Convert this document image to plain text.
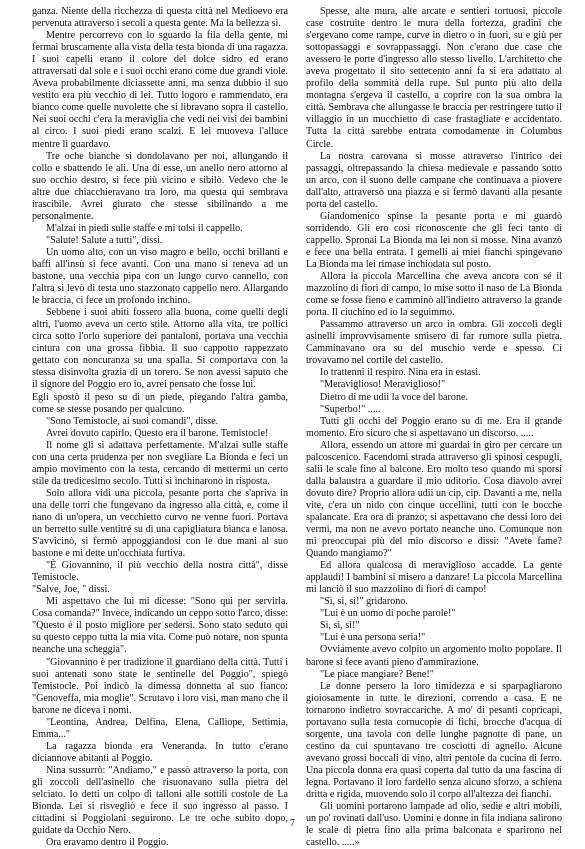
ganza. Niente della ricchezza di questa città nel Medioevo era pervenuta attraverso i secoli a questa gente. Ma la bellezza sì.

Mentre percorrevo con lo sguardo la fila della gente, mi fermai bruscamente alla vista della testa bionda di una ragazza. I suoi capelli erano il colore del dolce sidro ed erano attraversati dal sole e i suoi occhi erano come due grandi viole. Aveva probabilmente diciassette anni, ma senza dubbio il suo vestito era più vecchio di lei. Tutto logoro e rammendato, era bianco come quelle nuvolette che si libravano sopra il castello. Nei suoi occhi c'era la meraviglia che vedi nei visi dei bambini al circo. I suoi piedi erano scalzi. E lei muoveva l'alluce mentre li guardavo.

Tre oche bianche si dondolavano per noi, allungando il collo e sbattendo le ali. Una di esse, un anello nero attorno al suo occhio destro, si fece più vicino e sibilò. Vedevo che le altre due chiacchieravano tra loro, ma questa qui sembrava irascibile. Avrei giurato che stesse sibilinando a me personalmente.

M'alzai in piedi sulle staffe e mi tolsi il cappello.

"Salute! Salute a tutti", dissi.

Un uomo alto, con un viso magro e bello, occhi brillanti e baffi all'insù si fece avanti. Con una mano si teneva ad un bastone, una vecchia pipa con un lungo curvo cannello, con l'altra si levò di testa uno stazzonato cappello nero. Allargando le braccia, ci fece un profondo inchino.

Sebbene i suoi abiti fossero alla buona, come quelli degli altri, l'uomo aveva un certo stile. Attorno alla vita, tre pollici circa sotto l'orlo superiore dei pantaloni, portava una vecchia cintura con una grossa fibbia. Il suo cappotto rappezzato gettato con noncuranza su una spalla. Si comportava con la stessa disinvolta grazia di un torero. Se non avessi saputo che il signore del Poggio ero io, avrei pensato che fosse lui.

Egli spostò il peso su di un piede, piegando l'altra gamba, come se stesse posando per qualcuno.

"Sono Temistocle, ai suoi comandi", disse.

Avrei dovuto capirlo. Questo era il barone. Temistocle!

Il nome gli si adattava perfettamente. M'alzai sulle staffe con una certa prudenza per non svegliare La Bionda e feci un ampio movimento con la testa, cercando di mettermi un certo stile da tredicesimo secolo. Tutti si inchinarono in risposta.

Solo allora vidi una piccola, pesante porta che s'apriva in una delle torri che fungevano da ingresso alla città, e, come il nano di un'opera, un vecchietto curvo ne venne fuori. Portava un berretto sulle ventitré su di una capigliatura bianca e lanosa. S'avvicinò, si fermò appoggiandosi con le due mani al suo bastone e mi dette un'occhiata furtiva.

"È Giovannino, il più vecchio della nostra città", disse Temistocle.

"Salve, Joe, " dissi.

Mi aspettavo che lui mi dicesse: "Sono qui per servirla. Cosa comanda?" Invece, indicando un ceppo sotto l'arco, disse: "Questo è il posto migliore per sedersi. Sono stato seduto qui su questo ceppo tutta la mia vita. Come può notare, non spunta neanche una scheggia".

"Giovannino è per tradizione il guardiano della città. Tutti i suoi antenati sono state le sentinelle del Poggio", spiegò Temistocle. Poi indicò la dimessa donnetta al suo fianco: "Genoveffa, mia moglie". Scrutavo i loro visi, man mano che il barone ne diceva i nomi.

"Leontina, Andrea, Delfina, Elena, Calliope, Settimia, Emma..."

La ragazza bionda era Veneranda. In tutto c'erano diciannove abitanti al Poggio.

Nina sussurrò: "Andiamo," e passò attraverso la porta, con gli zoccoli dell'asinello che risuonavano sulla pietra del selciato. Io detti un colpo di talloni alle sottili costole de La Bionda. Lei si risvegliò e fece il suo ingresso al passo. I cittadini si Poggiolani seguirono. Le tre oche subito dopo, guidate da Occhio Nero.

Ora eravamo dentro il Poggio.

Spesse, alte mura, alte arcate e sentieri tortuosi, piccole case costruite dentro le mura della fortezza, gradini che s'ergevano come rampe, curve in dietro o in fuori, su e giù per sottopassaggi e sovrappassaggi. Non c'erano due case che avessero le porte d'ingresso allo stesso livello. L'architetto che aveva progettato il sito settecento anni fa si era adattato al profilo della sommità della rupe. Sul punto più alto della montagna s'ergeva il castello, a coprire con la sua ombra la città. Sembrava che allungasse le braccia per restringere tutto il villaggio in un mucchietto di case frastagliate e accidentato. Tutta la città sarebbe entrata comodamente in Columbus Circle.

La nostra carovana si mosse attraverso l'intrico dei passaggi, oltrepassando la chiesa medievale e passando sotto un arco, con il suono delle campane che continuava a piovere dall'alto, attraversò una piazza e si fermò davanti alla pesante porta del castello.

Giandomenico spinse la pesante porta e mi guardò sorridendo. Gli ero così riconoscente che gli feci tanto di cappello. Spronai La Bionda ma lei non si mosse. Nina avanzò e fece una bella entrata. I gemelli ai miei fianchi spingevano La Bionda ma lei rimase inchiodata sul posto.

Allora la piccola Marcellina che aveva ancora con sé il mazzolino di fiori di campo, lo mise sotto il naso de La Bionda come se fosse fieno e camminò all'indietro attraverso la grande porta. Il ciuchino ed io la seguimmo.

Passammo attraverso un arco in ombra. Gli zoccoli degli asinelli improvvisamente smisero di far rumore sulla pietra. Camminavano ora su del muschio verde e spesso. Ci trovavamo nel cortile del castello.

Io trattenni il respiro. Nina era in estasi.

"Meraviglioso! Meraviglioso!"

Dietro di me udii la voce del barone.

"Superbo!" .....

Tutti gli occhi del Poggio erano su di me. Era il grande momento. Ero sicuro che si aspettavano un discorso. .....

Allora, essendo un attore mi guardai in giro per cercare un palcoscenico. Facendomi strada attraverso gli spinosi cespugli, salii le scale fino al balcone. Ero molto teso quando mi sporsi dalla balaustra a guardare il mio uditorio. Cosa diavolo avrei dovuto dire? Proprio allora udii un cip, cip. Davanti a me, nella vite, c'era un nido con cinque uccellini, tutti con le bocche spalancate. Era ora di pranzo; si aspettavano che dessi loro dei vermi, ma non ne avevo portato neanche uno. Comunque non mi preoccupai più del mio discorso e dissi: "Avete fame? Quando mangiamo?"

Ed allora qualcosa di meraviglioso accadde. La gente applaudì! I bambini si misero a danzare! La piccola Marcellina mi lanciò il suo mazzolino di fiori di campo!

"Sì, sì, sì!" gridarono.

"Lui è un uomo di poche parole!"

Sì, sì, sì!"

"Lui è una persona seria!"

Ovviamente avevo colpito un argomento molto popolare. Il barone si fece avanti pieno d'ammirazione.

"Le piace mangiare? Bene!"

Le donne persero la loro timidezza e si sparpagliarono gioiosamente in tutte le direzioni, correndo a casa. E ne tornarono indietro sovraccariche. A mo' di pesanti copricapi, portavano sulla testa cornucopie di fichi, brocche d'acqua di sorgente, una tavola con delle lunghe pagnotte di pane, un cestino da cui spuntavano tre cosciotti di agnello. Alcune avevano grossi boccali di vino, altri pentole da cucina di ferro. Una piccola donna era quasi coperta dal tutto da una fascina di legna. Portavano il loro fardello senza alcuno sforzo, a schiena dritta e rigida, muovendo solo il corpo all'altezza dei fianchi.

Gli uomini portarono lampade ad olio, sedie e altri mobili, un po' rovinati dall'uso. Uomini e donne in fila indiana salirono le scale di pietra fino alla prima balconata e sparirono nel castello. .....»

7
